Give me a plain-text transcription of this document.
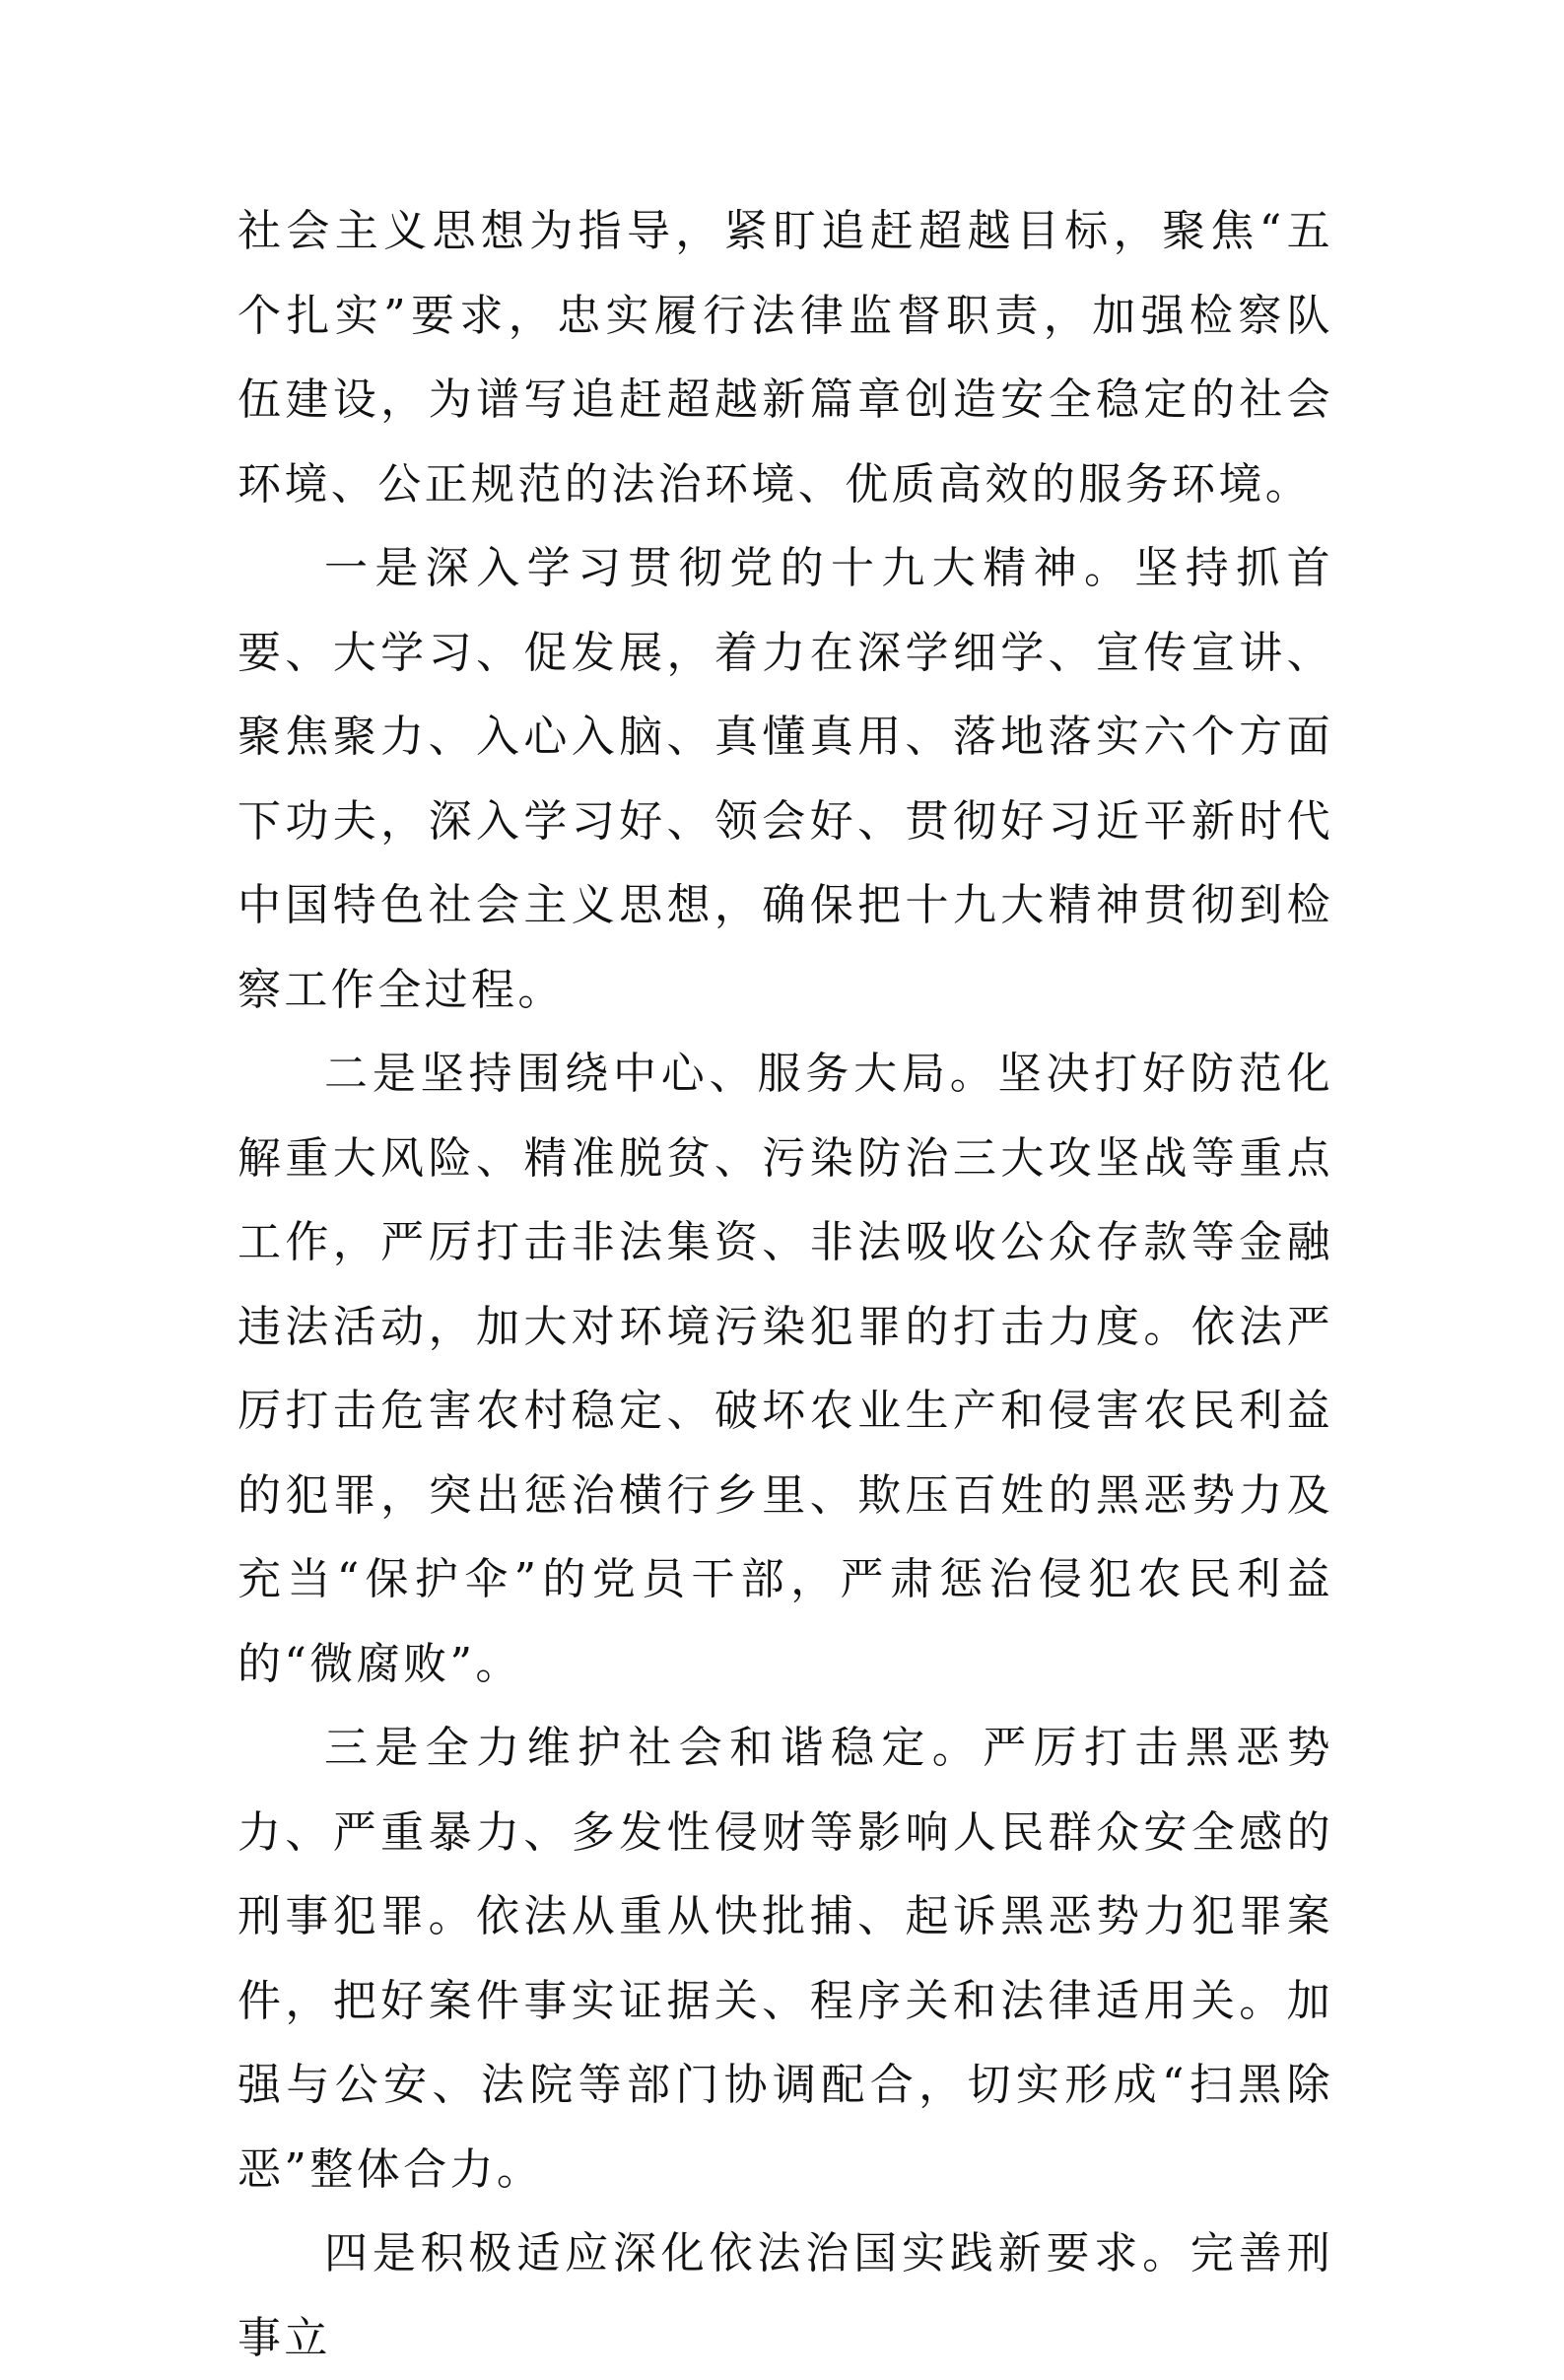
社会主义思想为指导，紧盯追赶超越目标，聚焦“五个扎实”要求，忠实履行法律监督职责，加强检察队伍建设，为谱写追赶超越新篇章创造安全稳定的社会环境、公正规范的法治环境、优质高效的服务环境。

一是深入学习贯彻党的十九大精神。坚持抓首要、大学习、促发展，着力在深学细学、宣传宣讲、聚焦聚力、入心入脑、真懂真用、落地落实六个方面下功夫，深入学习好、领会好、贯彻好习近平新时代中国特色社会主义思想，确保把十九大精神贯彻到检察工作全过程。

二是坚持围绕中心、服务大局。坚决打好防范化解重大风险、精准脱贫、污染防治三大攻坚战等重点工作，严厉打击非法集资、非法吸收公众存款等金融违法活动，加大对环境污染犯罪的打击力度。依法严厉打击危害农村稳定、破坏农业生产和侵害农民利益的犯罪，突出惩治横行乡里、欺压百姓的黑恶势力及充当“保护伞”的党员干部，严肃惩治侵犯农民利益的“微腐败”。

三是全力维护社会和谐稳定。严厉打击黑恶势力、严重暴力、多发性侵财等影响人民群众安全感的刑事犯罪。依法从重从快批捕、起诉黑恶势力犯罪案件，把好案件事实证据关、程序关和法律适用关。加强与公安、法院等部门协调配合，切实形成“扫黑除恶”整体合力。

四是积极适应深化依法治国实践新要求。完善刑事立
